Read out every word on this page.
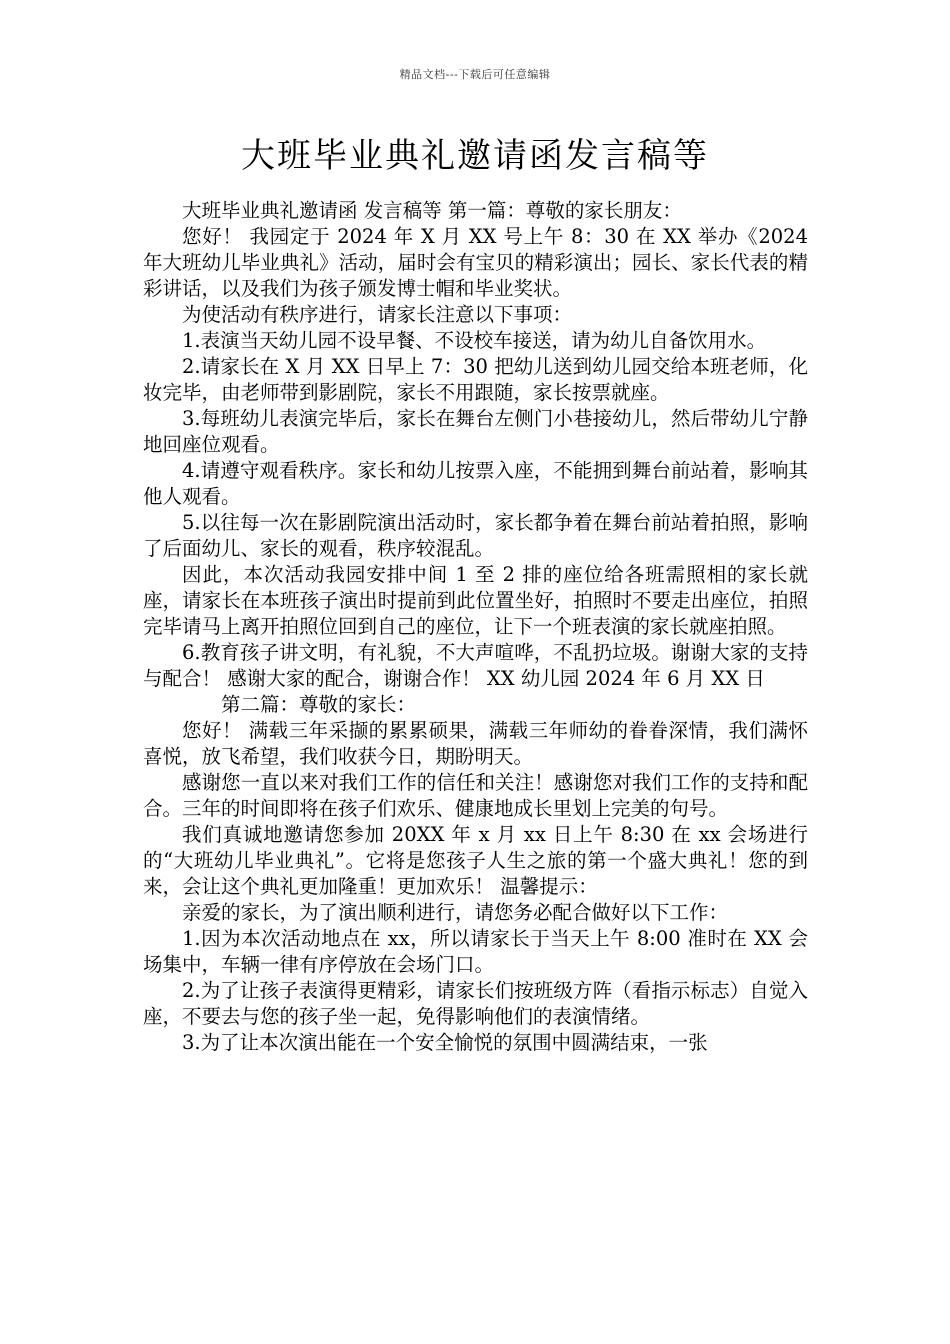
精品文档---下载后可任意编辑
大班毕业典礼邀请函发言稿等

大班毕业典礼邀请函 发言稿等 第一篇：尊敬的家长朋友：

您好！ 我园定于 2024 年 X 月 XX 号上午 8：30 在 XX 举办《2024 年大班幼儿毕业典礼》活动，届时会有宝贝的精彩演出；园长、家长代表的精彩讲话，以及我们为孩子颁发博士帽和毕业奖状。

为使活动有秩序进行，请家长注意以下事项：

1.表演当天幼儿园不设早餐、不设校车接送，请为幼儿自备饮用水。

2.请家长在 X 月 XX 日早上 7：30 把幼儿送到幼儿园交给本班老师，化妆完毕，由老师带到影剧院，家长不用跟随，家长按票就座。

3.每班幼儿表演完毕后，家长在舞台左侧门小巷接幼儿，然后带幼儿宁静地回座位观看。

4.请遵守观看秩序。家长和幼儿按票入座，不能拥到舞台前站着，影响其他人观看。

5.以往每一次在影剧院演出活动时，家长都争着在舞台前站着拍照，影响了后面幼儿、家长的观看，秩序较混乱。

因此，本次活动我园安排中间 1 至 2 排的座位给各班需照相的家长就座，请家长在本班孩子演出时提前到此位置坐好，拍照时不要走出座位，拍照完毕请马上离开拍照位回到自己的座位，让下一个班表演的家长就座拍照。

6.教育孩子讲文明，有礼貌，不大声喧哗，不乱扔垃圾。谢谢大家的支持与配合！ 感谢大家的配合，谢谢合作！ XX 幼儿园 2024 年 6 月 XX 日

第二篇：尊敬的家长：

您好！ 满载三年采撷的累累硕果，满载三年师幼的眷眷深情，我们满怀喜悦，放飞希望，我们收获今日，期盼明天。

感谢您一直以来对我们工作的信任和关注！感谢您对我们工作的支持和配合。三年的时间即将在孩子们欢乐、健康地成长里划上完美的句号。

我们真诚地邀请您参加 20XX 年 x 月 xx 日上午 8:30 在 xx 会场进行的“大班幼儿毕业典礼”。它将是您孩子人生之旅的第一个盛大典礼！您的到来，会让这个典礼更加隆重！更加欢乐！ 温馨提示：

亲爱的家长，为了演出顺利进行，请您务必配合做好以下工作：

1.因为本次活动地点在 xx，所以请家长于当天上午 8:00 准时在 XX 会场集中，车辆一律有序停放在会场门口。

2.为了让孩子表演得更精彩，请家长们按班级方阵（看指示标志）自觉入座，不要去与您的孩子坐一起，免得影响他们的表演情绪。

3.为了让本次演出能在一个安全愉悦的氛围中圆满结束，一张
